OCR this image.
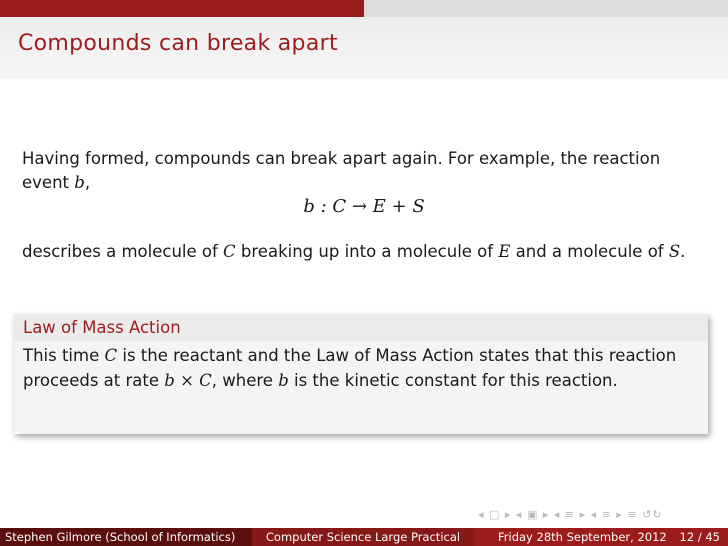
Compounds can break apart
Having formed, compounds can break apart again. For example, the reaction event b,
b : C → E + S
describes a molecule of C breaking up into a molecule of E and a molecule of S.
Law of Mass Action
This time C is the reactant and the Law of Mass Action states that this reaction proceeds at rate b × C, where b is the kinetic constant for this reaction.
◂ □ ▸ ◂ ▣ ▸ ◂ ≡ ▸ ◂ ≡ ▸ ≡ ↺↻
Stephen Gilmore (School of Informatics)	Computer Science Large Practical	Friday 28th September, 2012 12 / 45
